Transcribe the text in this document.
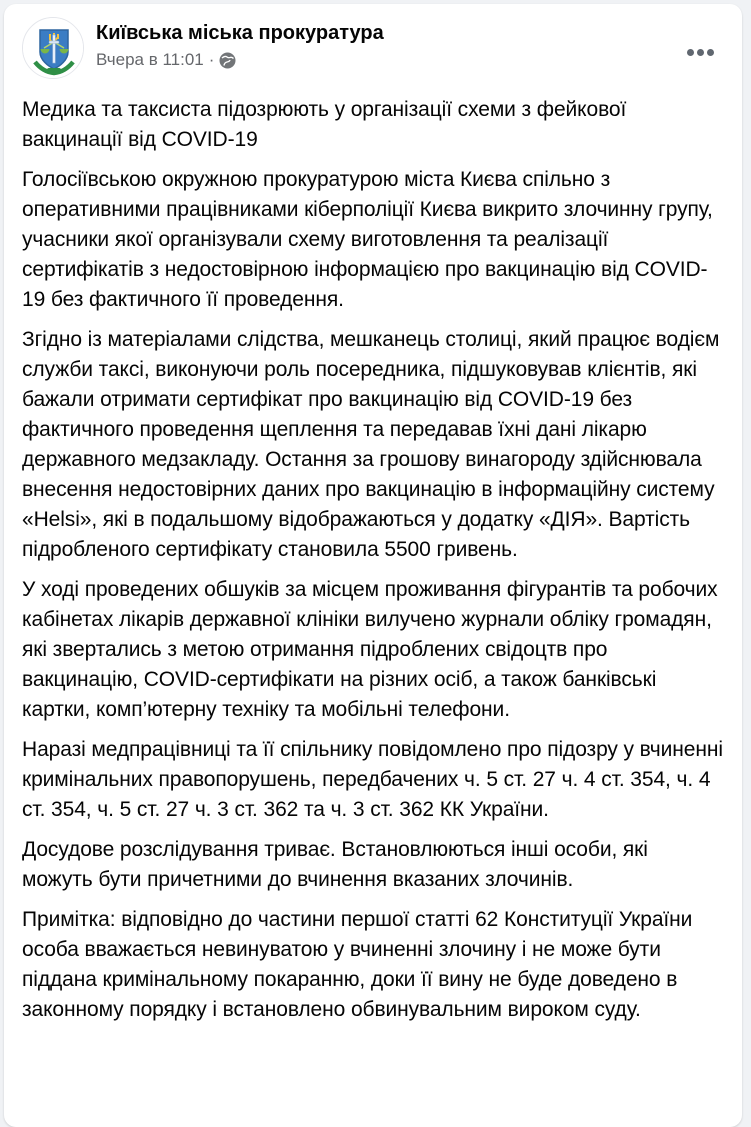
Київська міська прокуратура
Вчера в 11:01 ·

Медика та таксиста підозрюють у організації схеми з фейкової вакцинації від COVID-19

Голосіївською окружною прокуратурою міста Києва спільно з оперативними працівниками кіберполіції Києва викрито злочинну групу, учасники якої організували схему виготовлення та реалізації сертифікатів з недостовірною інформацією про вакцинацію від COVID-19 без фактичного її проведення.

Згідно із матеріалами слідства, мешканець столиці, який працює водієм служби таксі, виконуючи роль посередника, підшуковував клієнтів, які бажали отримати сертифікат про вакцинацію від COVID-19 без фактичного проведення щеплення та передавав їхні дані лікарю державного медзакладу. Остання за грошову винагороду здійснювала внесення недостовірних даних про вакцинацію в інформаційну систему «Helsi», які в подальшому відображаються у додатку «ДІЯ». Вартість підробленого сертифікату становила 5500 гривень.

У ході проведених обшуків за місцем проживання фігурантів та робочих кабінетах лікарів державної клініки вилучено журнали обліку громадян, які звертались з метою отримання підроблених свідоцтв про вакцинацію, COVID-сертифікати на різних осіб, а також банківські картки, комп’ютерну техніку та мобільні телефони.

Наразі медпрацівниці та її спільнику повідомлено про підозру у вчиненні кримінальних правопорушень, передбачених ч. 5 ст. 27 ч. 4 ст. 354, ч. 4 ст. 354, ч. 5 ст. 27 ч. 3 ст. 362 та ч. 3 ст. 362 КК України.

Досудове розслідування триває. Встановлюються інші особи, які можуть бути причетними до вчинення вказаних злочинів.

Примітка: відповідно до частини першої статті 62 Конституції України особа вважається невинуватою у вчиненні злочину і не може бути піддана кримінальному покаранню, доки її вину не буде доведено в законному порядку і встановлено обвинувальним вироком суду.
